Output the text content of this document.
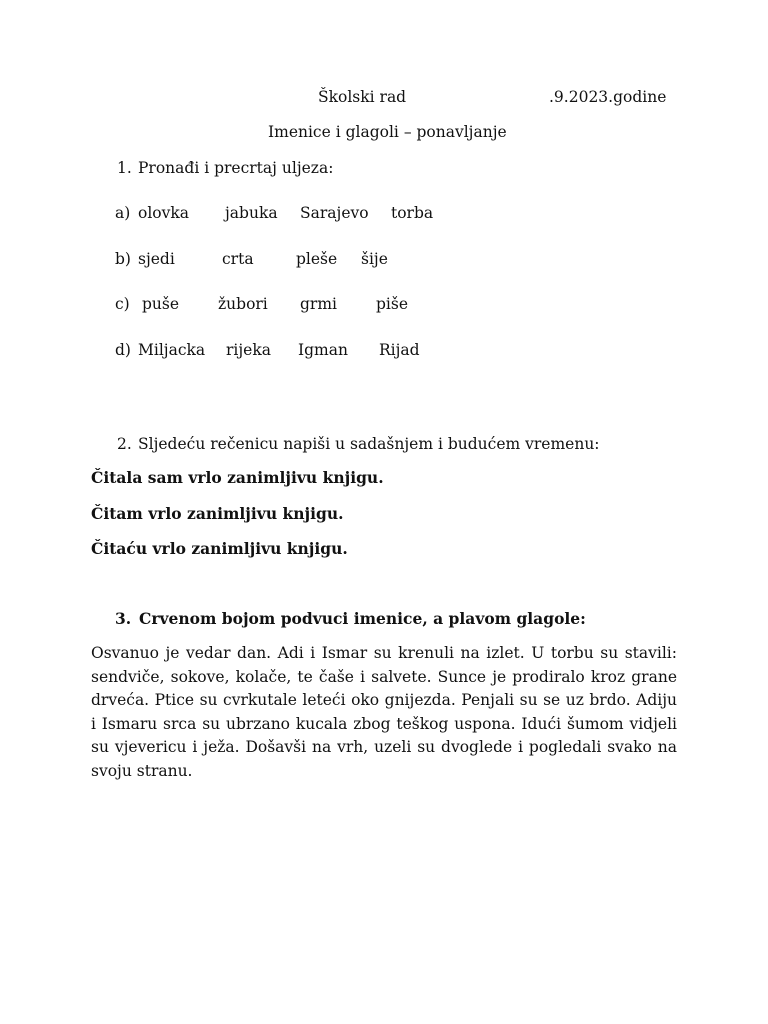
Školski rad	.9.2023.godine
Imenice i glagoli – ponavljanje
1. Pronađi i precrtaj uljeza:
a) olovka jabuka Sarajevo torba
b) sjedi	crta	pleše šije
c) puše	žubori grmi	piše
d) Miljacka rijeka Igman Rijad
2. Sljedeću rečenicu napiši u sadašnjem i budućem vremenu:
Čitala sam vrlo zanimljivu knjigu.
Čitam vrlo zanimljivu knjigu.
Čitaću vrlo zanimljivu knjigu.
3. Crvenom bojom podvuci imenice, a plavom glagole:
Osvanuo je vedar dan. Adi i Ismar su krenuli na izlet. U torbu su stavili: sendviče, sokove, kolače, te čaše i salvete. Sunce je prodiralo kroz grane drveća. Ptice su cvrkutale leteći oko gnijezda. Penjali su se uz brdo. Adiju i Ismaru srca su ubrzano kucala zbog teškog uspona. Idući šumom vidjeli su vjevericu i ježa. Došavši na vrh, uzeli su dvoglede i pogledali svako na svoju stranu.
